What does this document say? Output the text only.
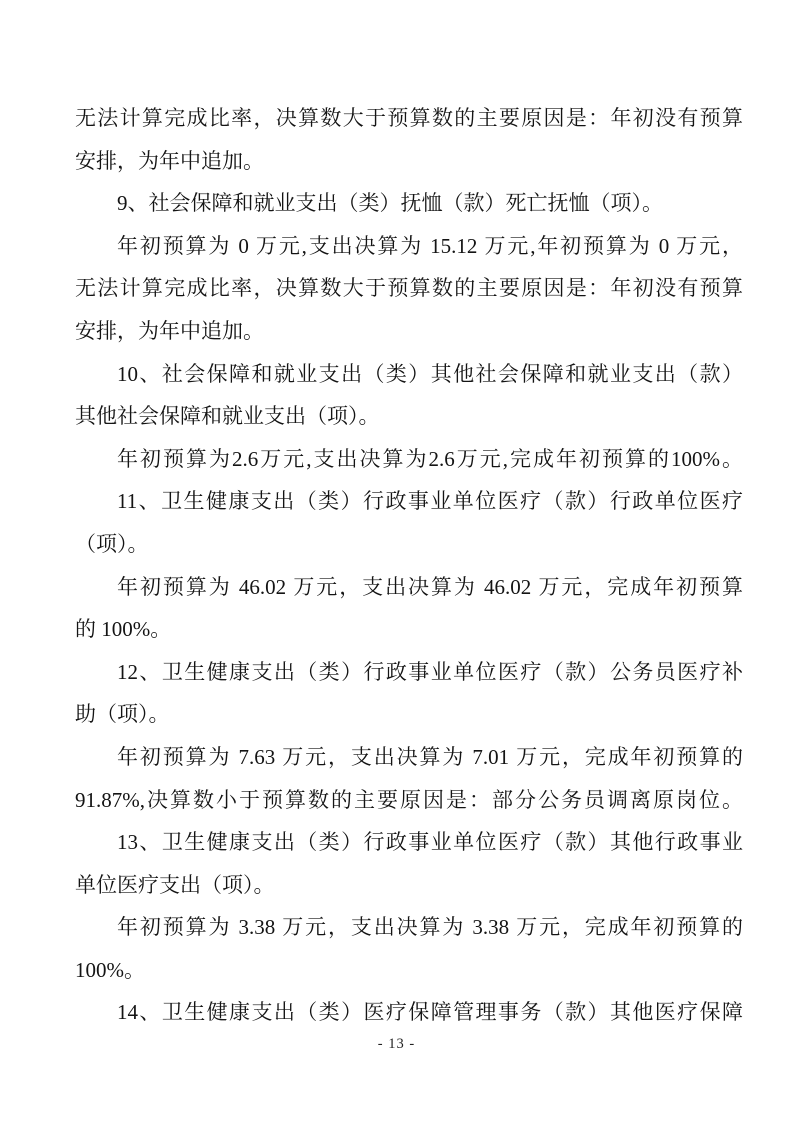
无法计算完成比率，决算数大于预算数的主要原因是：年初没有预算
安排，为年中追加。
9、社会保障和就业支出（类）抚恤（款）死亡抚恤（项）。
年初预算为 0 万元,支出决算为 15.12 万元,年初预算为 0 万元，
无法计算完成比率，决算数大于预算数的主要原因是：年初没有预算
安排，为年中追加。
10、社会保障和就业支出（类）其他社会保障和就业支出（款）
其他社会保障和就业支出（项）。
年初预算为2.6万元,支出决算为2.6万元,完成年初预算的100%。
11、卫生健康支出（类）行政事业单位医疗（款）行政单位医疗
（项）。
年初预算为 46.02 万元，支出决算为 46.02 万元，完成年初预算
的 100%。
12、卫生健康支出（类）行政事业单位医疗（款）公务员医疗补
助（项）。
年初预算为 7.63 万元，支出决算为 7.01 万元，完成年初预算的
91.87%,决算数小于预算数的主要原因是：部分公务员调离原岗位。
13、卫生健康支出（类）行政事业单位医疗（款）其他行政事业
单位医疗支出（项）。
年初预算为 3.38 万元，支出决算为 3.38 万元，完成年初预算的
100%。
14、卫生健康支出（类）医疗保障管理事务（款）其他医疗保障
- 13 -
